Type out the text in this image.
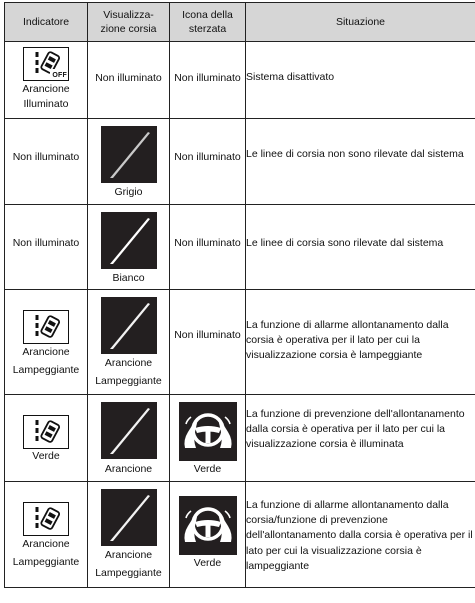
Indicatore	Visualizza-
zione corsia	Icona della sterzata	Situazione

OFF
Arancione
Illuminato	Non illuminato	Non illuminato	Sistema disattivato

Non illuminato	Grigio	Non illuminato	Le linee di corsia non sono rilevate dal sistema

Non illuminato	Bianco	Non illuminato	Le linee di corsia sono rilevate dal sistema

Arancione
Lampeggiante	Arancione
Lampeggiante	Non illuminato	La funzione di allarme allontanamento dalla corsia è operativa per il lato per cui la visualizzazione corsia è lampeggiante

Verde	Arancione	Verde	La funzione di prevenzione dell'allontanamento dalla corsia è operativa per il lato per cui la visualizzazione corsia è illuminata

Arancione
Lampeggiante	Arancione
Lampeggiante	Verde	La funzione di allarme allontanamento dalla corsia/funzione di prevenzione dell'allontanamento dalla corsia è operativa per il lato per cui la visualizzazione corsia è lampeggiante
